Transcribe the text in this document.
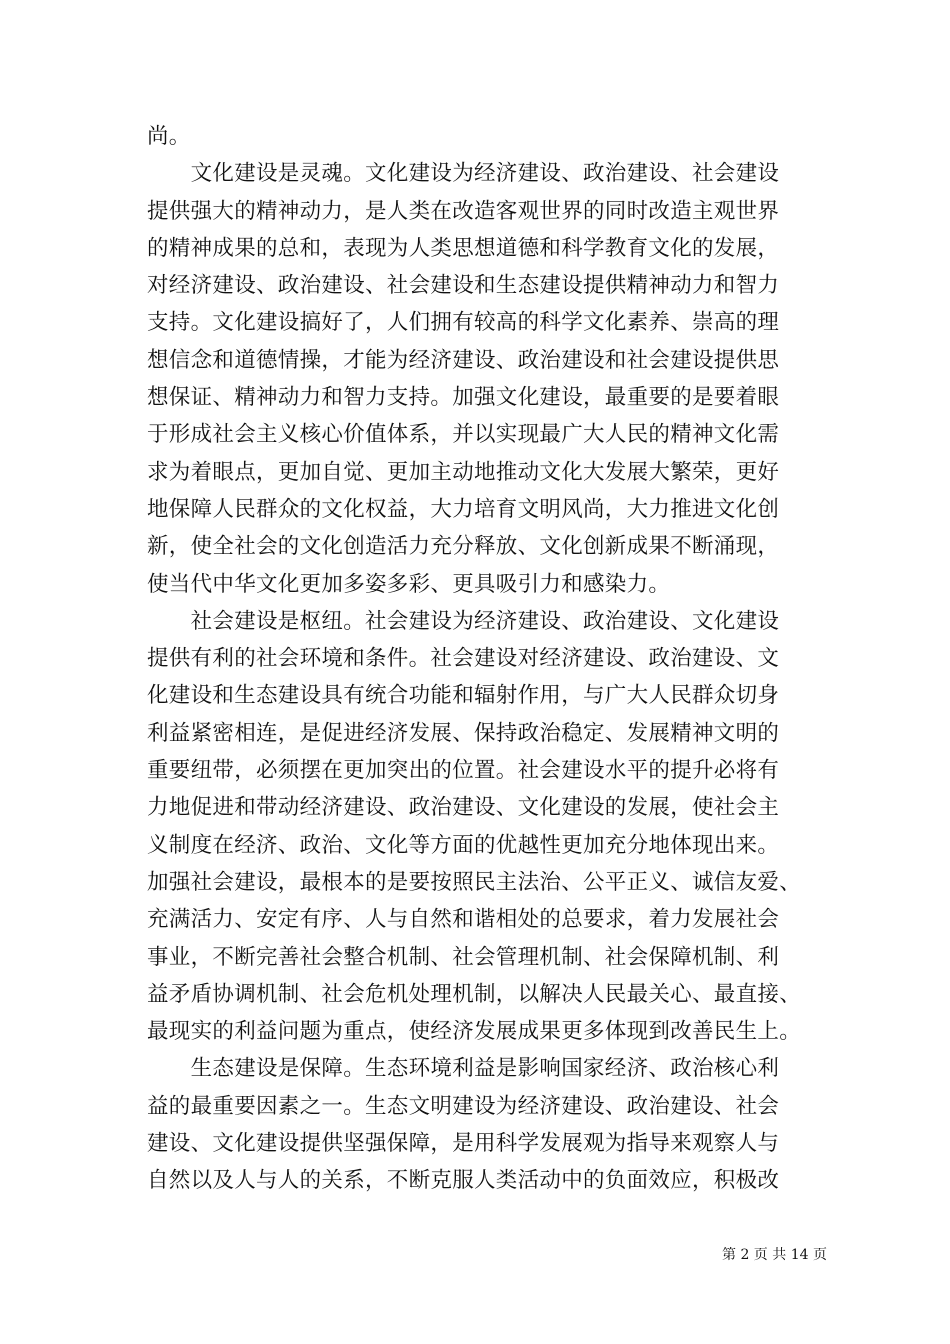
尚。
　　文化建设是灵魂。文化建设为经济建设、政治建设、社会建设
提供强大的精神动力，是人类在改造客观世界的同时改造主观世界
的精神成果的总和，表现为人类思想道德和科学教育文化的发展，
对经济建设、政治建设、社会建设和生态建设提供精神动力和智力
支持。文化建设搞好了，人们拥有较高的科学文化素养、崇高的理
想信念和道德情操，才能为经济建设、政治建设和社会建设提供思
想保证、精神动力和智力支持。加强文化建设，最重要的是要着眼
于形成社会主义核心价值体系，并以实现最广大人民的精神文化需
求为着眼点，更加自觉、更加主动地推动文化大发展大繁荣，更好
地保障人民群众的文化权益，大力培育文明风尚，大力推进文化创
新，使全社会的文化创造活力充分释放、文化创新成果不断涌现，
使当代中华文化更加多姿多彩、更具吸引力和感染力。
　　社会建设是枢纽。社会建设为经济建设、政治建设、文化建设
提供有利的社会环境和条件。社会建设对经济建设、政治建设、文
化建设和生态建设具有统合功能和辐射作用，与广大人民群众切身
利益紧密相连，是促进经济发展、保持政治稳定、发展精神文明的
重要纽带，必须摆在更加突出的位置。社会建设水平的提升必将有
力地促进和带动经济建设、政治建设、文化建设的发展，使社会主
义制度在经济、政治、文化等方面的优越性更加充分地体现出来。
加强社会建设，最根本的是要按照民主法治、公平正义、诚信友爱、
充满活力、安定有序、人与自然和谐相处的总要求，着力发展社会
事业，不断完善社会整合机制、社会管理机制、社会保障机制、利
益矛盾协调机制、社会危机处理机制，以解决人民最关心、最直接、
最现实的利益问题为重点，使经济发展成果更多体现到改善民生上。
　　生态建设是保障。生态环境利益是影响国家经济、政治核心利
益的最重要因素之一。生态文明建设为经济建设、政治建设、社会
建设、文化建设提供坚强保障，是用科学发展观为指导来观察人与
自然以及人与人的关系，不断克服人类活动中的负面效应，积极改
第 2 页 共 14 页
